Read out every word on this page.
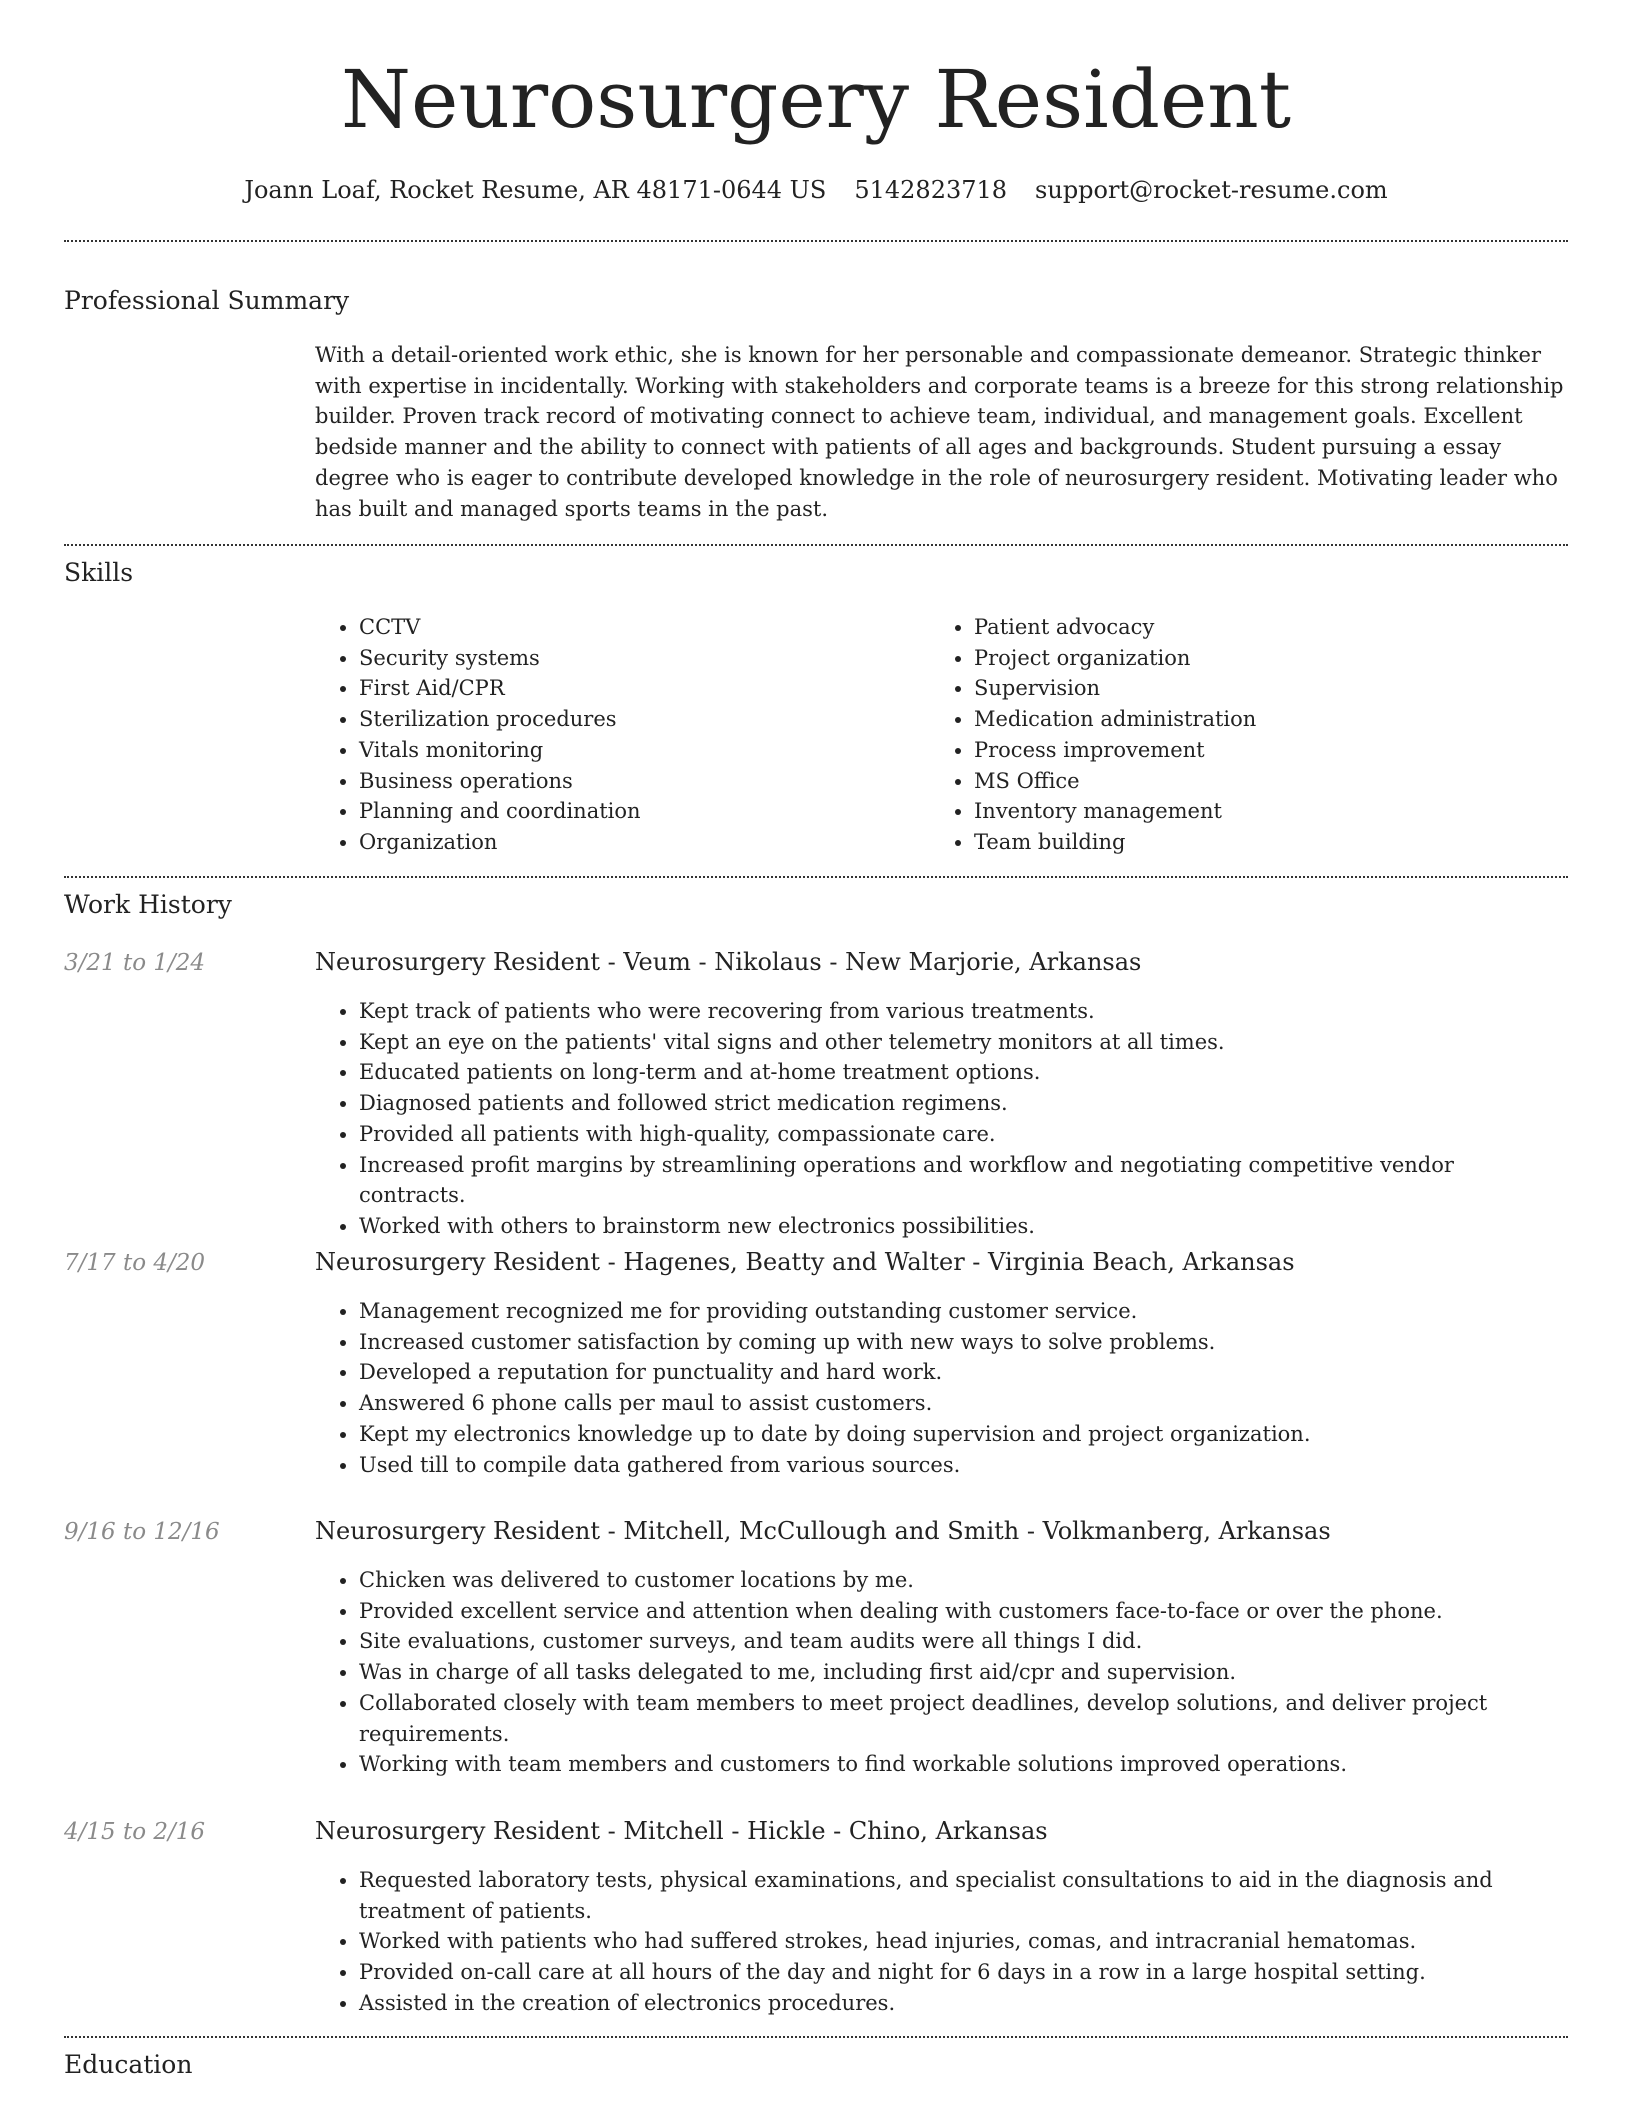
Neurosurgery Resident
Joann Loaf, Rocket Resume, AR 48171-0644 US 5142823718 support@rocket-resume.com
Professional Summary

With a detail-oriented work ethic, she is known for her personable and compassionate demeanor. Strategic thinker with expertise in incidentally. Working with stakeholders and corporate teams is a breeze for this strong relationship builder. Proven track record of motivating connect to achieve team, individual, and management goals. Excellent bedside manner and the ability to connect with patients of all ages and backgrounds. Student pursuing a essay degree who is eager to contribute developed knowledge in the role of neurosurgery resident. Motivating leader who has built and managed sports teams in the past.

Skills
• CCTV
• Security systems
• First Aid/CPR
• Sterilization procedures
• Vitals monitoring
• Business operations
• Planning and coordination
• Organization
• Patient advocacy
• Project organization
• Supervision
• Medication administration
• Process improvement
• MS Office
• Inventory management
• Team building
Work History
3/21 to 1/24	Neurosurgery Resident - Veum - Nikolaus - New Marjorie, Arkansas
• Kept track of patients who were recovering from various treatments.
• Kept an eye on the patients' vital signs and other telemetry monitors at all times.
• Educated patients on long-term and at-home treatment options.
• Diagnosed patients and followed strict medication regimens.
• Provided all patients with high-quality, compassionate care.
• Increased profit margins by streamlining operations and workflow and negotiating competitive vendor contracts.
• Worked with others to brainstorm new electronics possibilities.
7/17 to 4/20	Neurosurgery Resident - Hagenes, Beatty and Walter - Virginia Beach, Arkansas
• Management recognized me for providing outstanding customer service.
• Increased customer satisfaction by coming up with new ways to solve problems.
• Developed a reputation for punctuality and hard work.
• Answered 6 phone calls per maul to assist customers.
• Kept my electronics knowledge up to date by doing supervision and project organization.
• Used till to compile data gathered from various sources.
9/16 to 12/16	Neurosurgery Resident - Mitchell, McCullough and Smith - Volkmanberg, Arkansas
• Chicken was delivered to customer locations by me.
• Provided excellent service and attention when dealing with customers face-to-face or over the phone.
• Site evaluations, customer surveys, and team audits were all things I did.
• Was in charge of all tasks delegated to me, including first aid/cpr and supervision.
• Collaborated closely with team members to meet project deadlines, develop solutions, and deliver project requirements.
• Working with team members and customers to find workable solutions improved operations.
4/15 to 2/16	Neurosurgery Resident - Mitchell - Hickle - Chino, Arkansas
• Requested laboratory tests, physical examinations, and specialist consultations to aid in the diagnosis and treatment of patients.
• Worked with patients who had suffered strokes, head injuries, comas, and intracranial hematomas.
• Provided on-call care at all hours of the day and night for 6 days in a row in a large hospital setting.
• Assisted in the creation of electronics procedures.
Education
